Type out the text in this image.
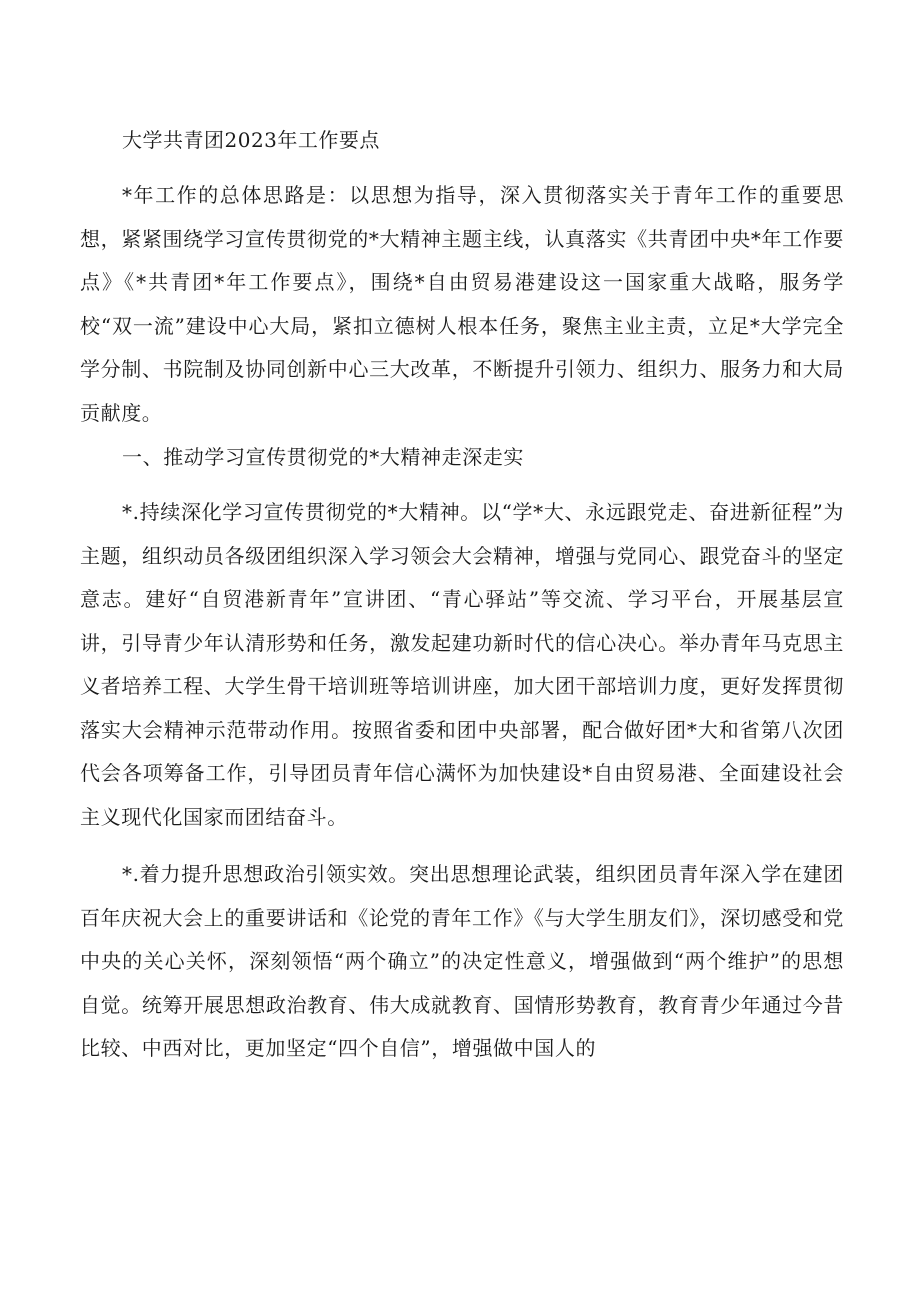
大学共青团2023年工作要点

*年工作的总体思路是：以思想为指导，深入贯彻落实关于青年工作的重要思想，紧紧围绕学习宣传贯彻党的*大精神主题主线，认真落实《共青团中央*年工作要点》《*共青团*年工作要点》，围绕*自由贸易港建设这一国家重大战略，服务学校“双一流”建设中心大局，紧扣立德树人根本任务，聚焦主业主责，立足*大学完全学分制、书院制及协同创新中心三大改革，不断提升引领力、组织力、服务力和大局贡献度。

一、推动学习宣传贯彻党的*大精神走深走实

*.持续深化学习宣传贯彻党的*大精神。以“学*大、永远跟党走、奋进新征程”为主题，组织动员各级团组织深入学习领会大会精神，增强与党同心、跟党奋斗的坚定意志。建好“自贸港新青年”宣讲团、“青心驿站”等交流、学习平台，开展基层宣讲，引导青少年认清形势和任务，激发起建功新时代的信心决心。举办青年马克思主义者培养工程、大学生骨干培训班等培训讲座，加大团干部培训力度，更好发挥贯彻落实大会精神示范带动作用。按照省委和团中央部署，配合做好团*大和省第八次团代会各项筹备工作，引导团员青年信心满怀为加快建设*自由贸易港、全面建设社会主义现代化国家而团结奋斗。

*.着力提升思想政治引领实效。突出思想理论武装，组织团员青年深入学在建团百年庆祝大会上的重要讲话和《论党的青年工作》《与大学生朋友们》，深切感受和党中央的关心关怀，深刻领悟“两个确立”的决定性意义，增强做到“两个维护”的思想自觉。统筹开展思想政治教育、伟大成就教育、国情形势教育，教育青少年通过今昔比较、中西对比，更加坚定“四个自信”，增强做中国人的
